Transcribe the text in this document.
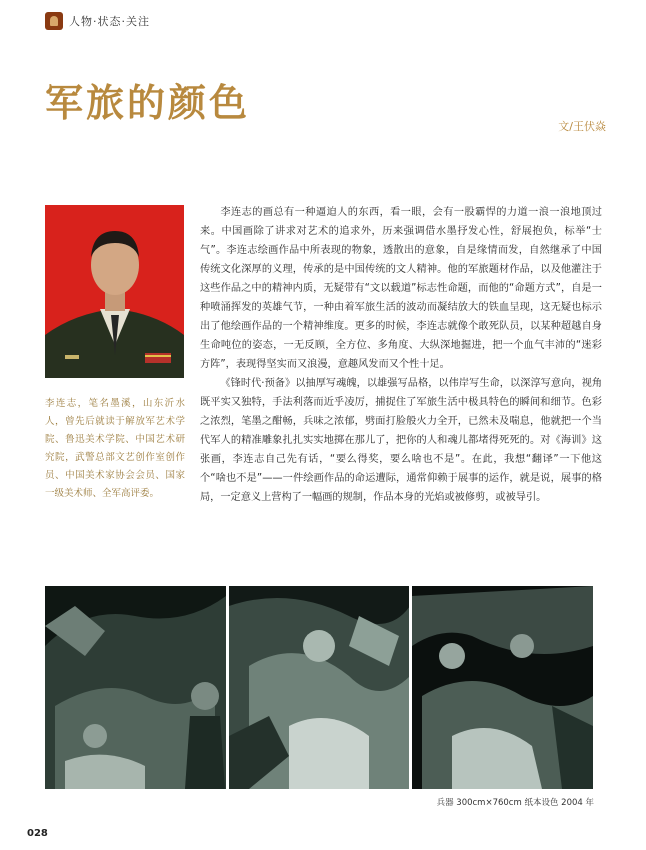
人物·状态·关注
军旅的颜色
文/王伏焱

李连志，笔名墨溪，山东沂水人，曾先后就读于解放军艺术学院、鲁迅美术学院、中国艺术研究院，武警总部文艺创作室创作员、中国美术家协会会员、国家一级美术师、全军高评委。

李连志的画总有一种逼迫人的东西，看一眼，会有一股霸悍的力道一浪一浪地顶过来。中国画除了讲求对艺术的追求外，历来强调借水墨抒发心性，舒展抱负，标举“士气”。李连志绘画作品中所表现的物象，透散出的意象，自是缘情而发，自然继承了中国传统文化深厚的义理，传承的是中国传统的文人精神。他的军旅题材作品，以及他灌注于这些作品之中的精神内质，无疑带有“文以载道”标志性命题，而他的“命题方式”，自是一种喷涌挥发的英雄气节，一种由着军旅生活的波动而凝结放大的铁血呈现，这无疑也标示出了他绘画作品的一个精神维度。更多的时候，李连志就像个敢死队员，以某种超越自身生命吨位的姿态，一无反顾，全方位、多角度、大纵深地掘进，把一个血气丰沛的“迷彩方阵”，表现得坚实而又浪漫，意趣风发而又个性十足。

《锋时代·预备》以抽厚写魂魄，以雄强写品格，以伟岸写生命，以深淳写意向，视角既平实又独特，手法利落而近乎凌厉，捕捉住了军旅生活中极具特色的瞬间和细节。色彩之浓烈，笔墨之酣畅，兵味之浓郁，劈面打脸般火力全开，已然未及喘息，他就把一个当代军人的精准雕象扎扎实实地掷在那儿了，把你的人和魂儿都堵得死死的。对《海训》这张画，李连志自己先有话，“要么得奖，要么啥也不是”。在此，我想“翻译”一下他这个“啥也不是”——一件绘画作品的命运遭际，通常仰赖于展事的运作，就是说，展事的格局，一定意义上营构了一幅画的规制，作品本身的光焰或被修剪，或被导引。

兵器 300cm×760cm 纸本设色 2004 年

028
